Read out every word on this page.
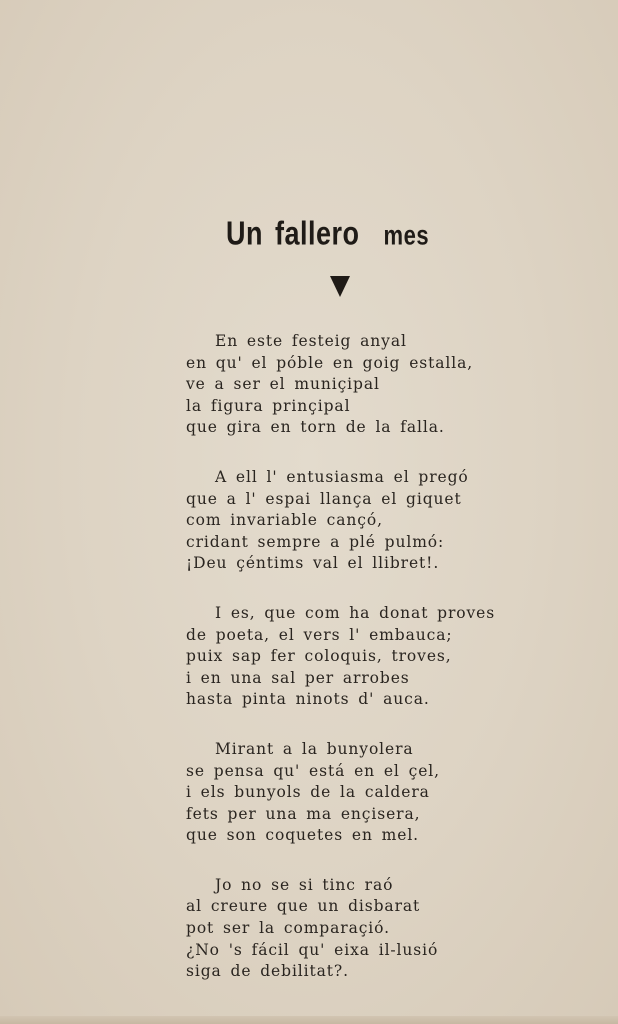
Un fallero mes

En este festeig anyal
en qu' el póble en goig estalla,
ve a ser el muniçipal
la figura prinçipal
que gira en torn de la falla.

A ell l' entusiasma el pregó
que a l' espai llança el giquet
com invariable cançó,
cridant sempre a plé pulmó:
¡Deu çéntims val el llibret!.

I es, que com ha donat proves
de poeta, el vers l' embauca;
puix sap fer coloquis, troves,
i en una sal per arrobes
hasta pinta ninots d' auca.

Mirant a la bunyolera
se pensa qu' está en el çel,
i els bunyols de la caldera
fets per una ma ençisera,
que son coquetes en mel.

Jo no se si tinc raó
al creure que un disbarat
pot ser la comparaçió.
¿No 's fácil qu' eixa il-lusió
siga de debilitat?.
